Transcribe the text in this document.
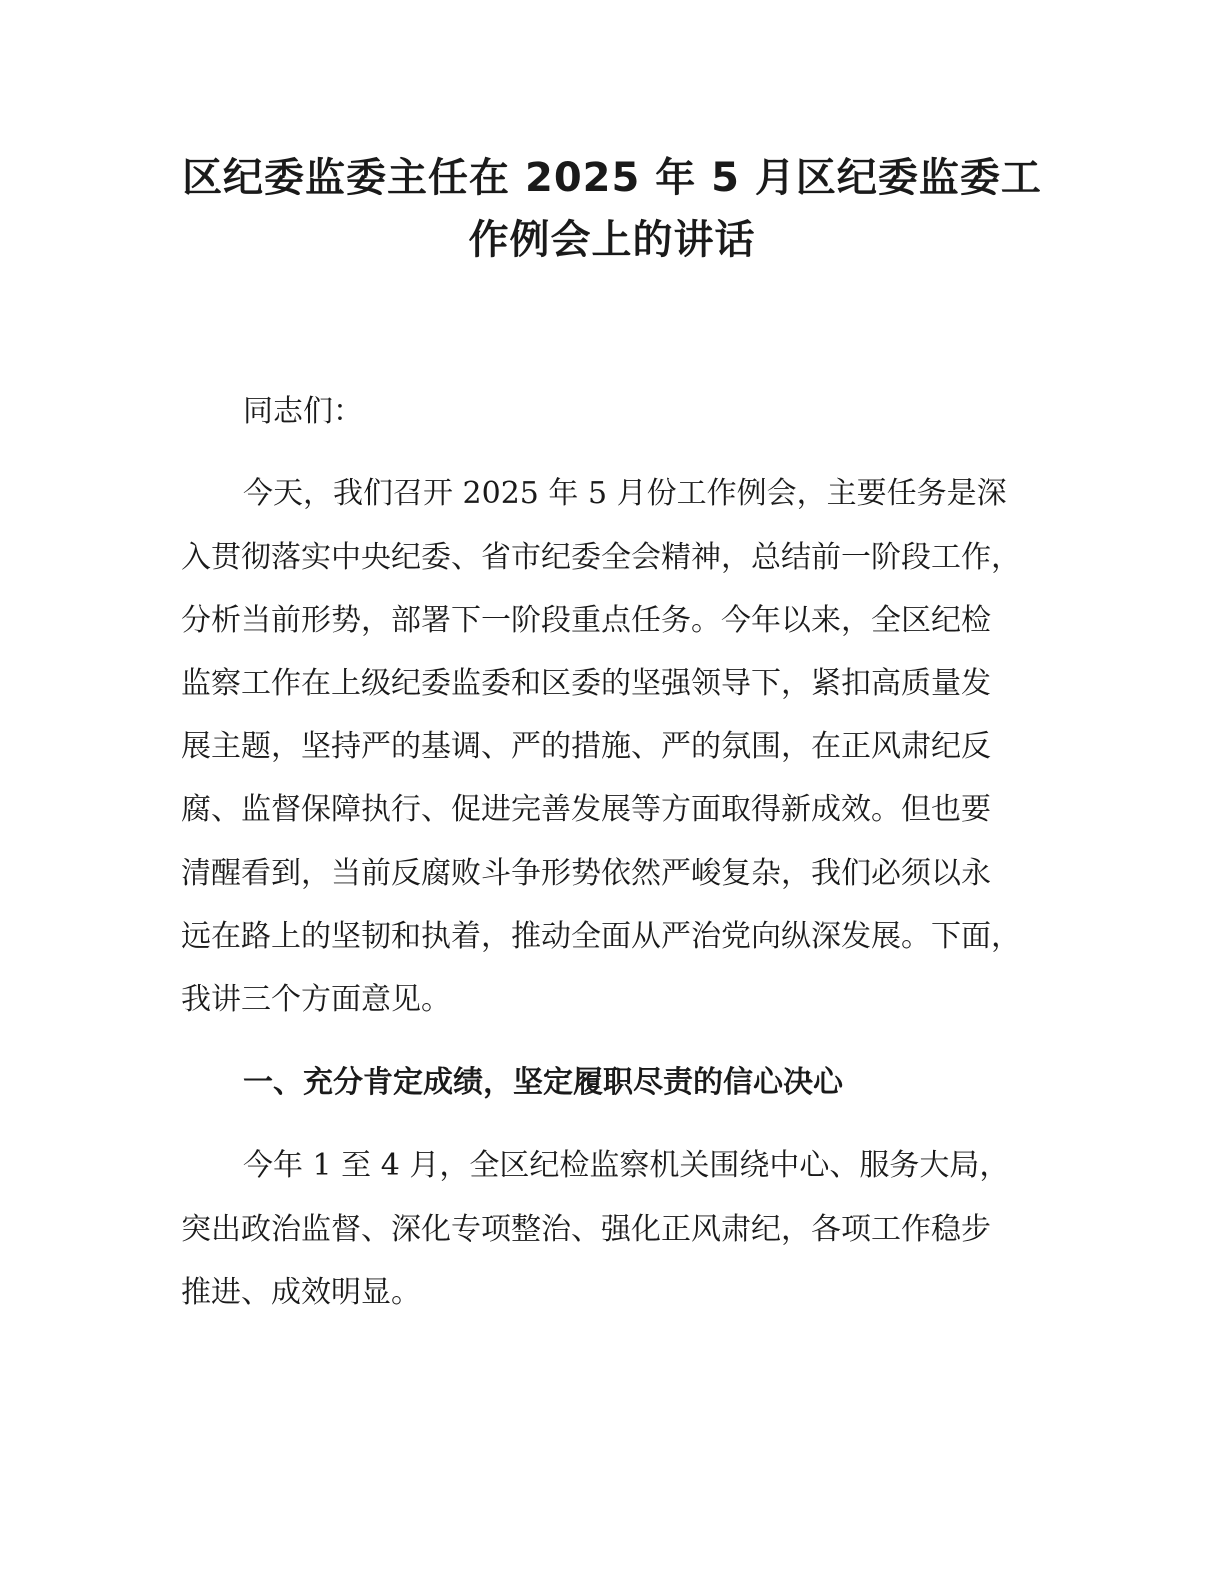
区纪委监委主任在 2025 年 5 月区纪委监委工
作例会上的讲话

同志们：

今天，我们召开 2025 年 5 月份工作例会，主要任务是深

入贯彻落实中央纪委、省市纪委全会精神，总结前一阶段工作，

分析当前形势，部署下一阶段重点任务。今年以来，全区纪检

监察工作在上级纪委监委和区委的坚强领导下，紧扣高质量发

展主题，坚持严的基调、严的措施、严的氛围，在正风肃纪反

腐、监督保障执行、促进完善发展等方面取得新成效。但也要

清醒看到，当前反腐败斗争形势依然严峻复杂，我们必须以永

远在路上的坚韧和执着，推动全面从严治党向纵深发展。下面，

我讲三个方面意见。

一、充分肯定成绩，坚定履职尽责的信心决心

今年 1 至 4 月，全区纪检监察机关围绕中心、服务大局，

突出政治监督、深化专项整治、强化正风肃纪，各项工作稳步

推进、成效明显。
